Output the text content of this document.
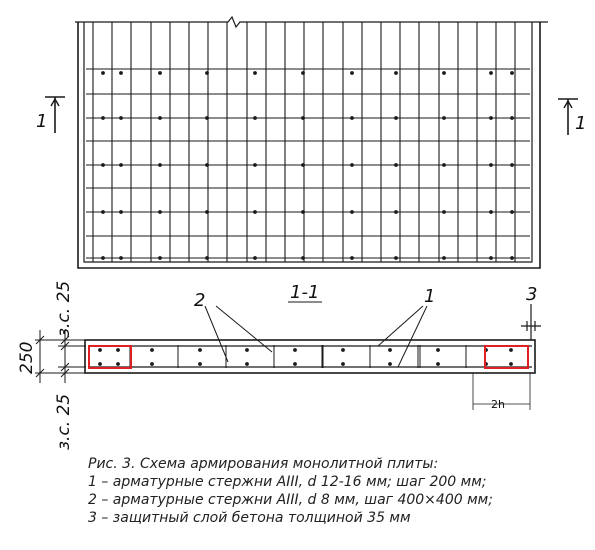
1	1
1-1
2	1	3
250
з.с. 25
з.с. 25	2h
Рис. 3. Схема армирования монолитной плиты:
1 – арматурные стержни AIII, d 12-16 мм; шаг 200 мм;
2 – арматурные стержни AIII, d 8 мм, шаг 400×400 мм;
3 – защитный слой бетона толщиной 35 мм
